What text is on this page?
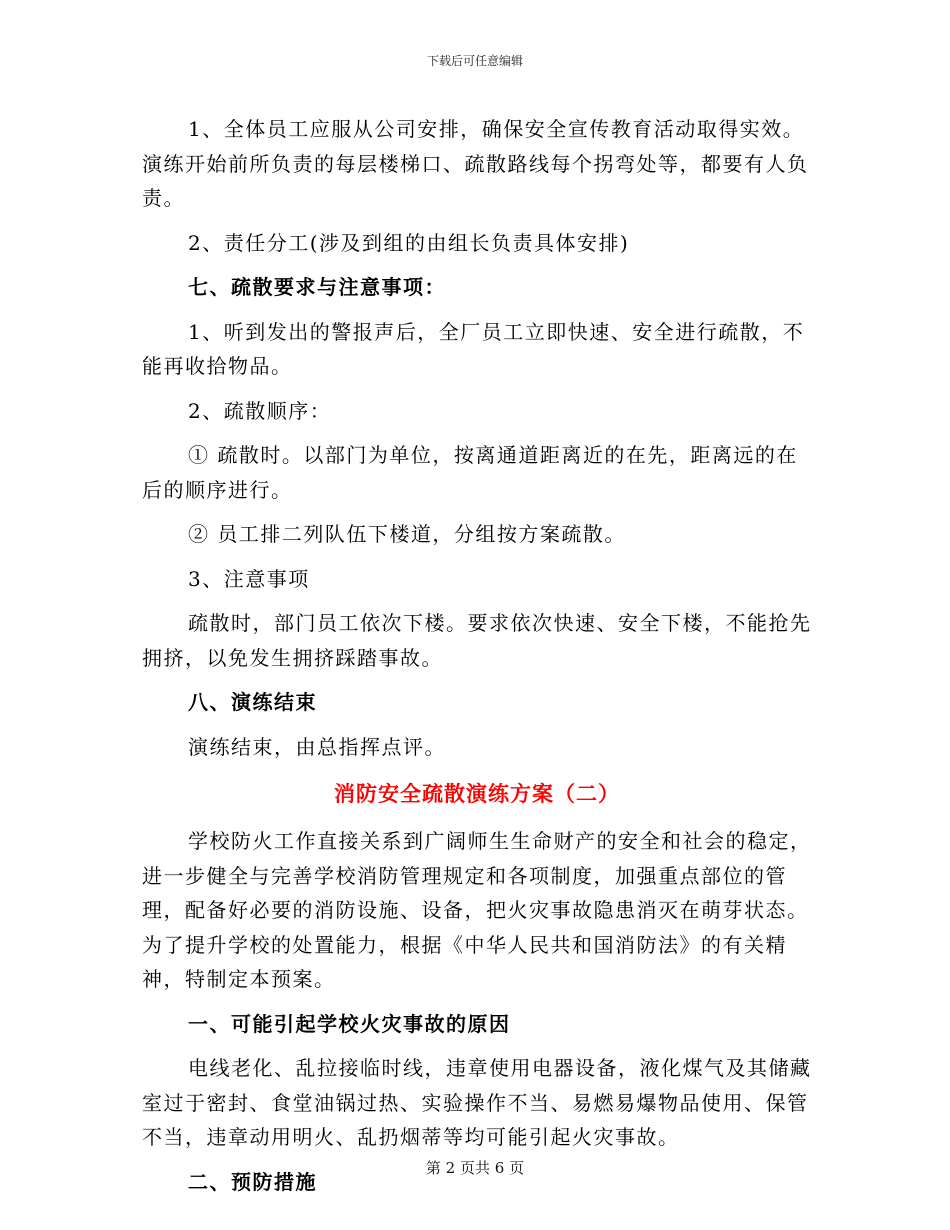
下载后可任意编辑

1、全体员工应服从公司安排，确保安全宣传教育活动取得实效。演练开始前所负责的每层楼梯口、疏散路线每个拐弯处等，都要有人负责。

2、责任分工(涉及到组的由组长负责具体安排)

七、疏散要求与注意事项：

1、听到发出的警报声后，全厂员工立即快速、安全进行疏散，不能再收拾物品。

2、疏散顺序：

① 疏散时。以部门为单位，按离通道距离近的在先，距离远的在后的顺序进行。

② 员工排二列队伍下楼道，分组按方案疏散。

3、注意事项

疏散时，部门员工依次下楼。要求依次快速、安全下楼，不能抢先拥挤，以免发生拥挤踩踏事故。

八、演练结束

演练结束，由总指挥点评。

消防安全疏散演练方案（二）

学校防火工作直接关系到广阔师生生命财产的安全和社会的稳定，进一步健全与完善学校消防管理规定和各项制度，加强重点部位的管理，配备好必要的消防设施、设备，把火灾事故隐患消灭在萌芽状态。为了提升学校的处置能力，根据《中华人民共和国消防法》的有关精神，特制定本预案。

一、可能引起学校火灾事故的原因

电线老化、乱拉接临时线，违章使用电器设备，液化煤气及其储藏室过于密封、食堂油锅过热、实验操作不当、易燃易爆物品使用、保管不当，违章动用明火、乱扔烟蒂等均可能引起火灾事故。

二、预防措施

第 2 页共 6 页
